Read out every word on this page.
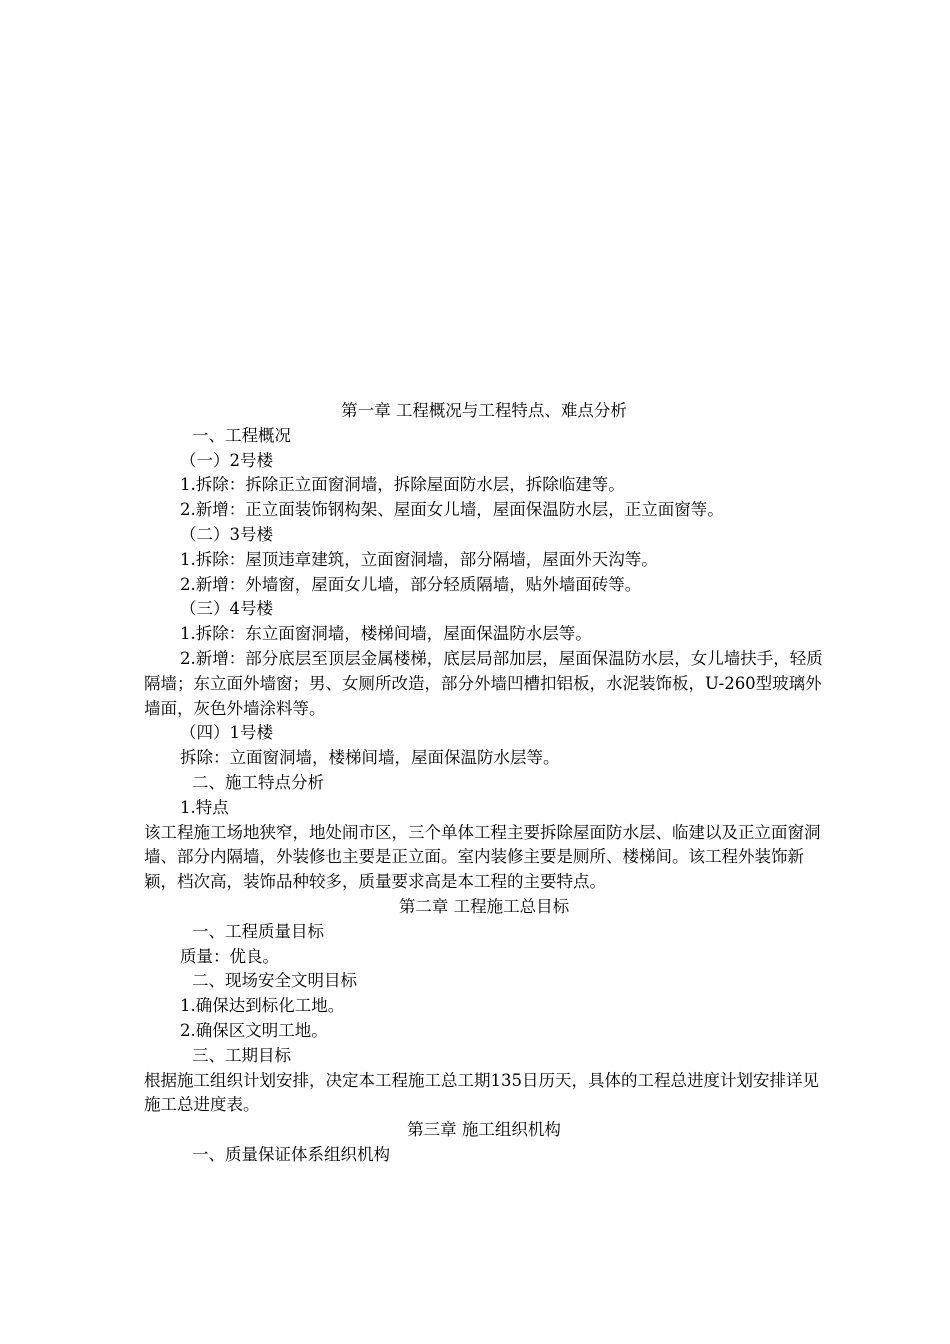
第一章 工程概况与工程特点、难点分析

一、工程概况

（一）2号楼

1.拆除：拆除正立面窗洞墙，拆除屋面防水层，拆除临建等。

2.新增：正立面装饰钢构架、屋面女儿墙，屋面保温防水层，正立面窗等。

（二）3号楼

1.拆除：屋顶违章建筑，立面窗洞墙，部分隔墙，屋面外天沟等。

2.新增：外墙窗，屋面女儿墙，部分轻质隔墙，贴外墙面砖等。

（三）4号楼

1.拆除：东立面窗洞墙，楼梯间墙，屋面保温防水层等。

2.新增：部分底层至顶层金属楼梯，底层局部加层，屋面保温防水层，女儿墙扶手，轻质隔墙；东立面外墙窗；男、女厕所改造，部分外墙凹槽扣铝板，水泥装饰板，U-260型玻璃外墙面，灰色外墙涂料等。

（四）1号楼

拆除：立面窗洞墙，楼梯间墙，屋面保温防水层等。

二、施工特点分析

1.特点

该工程施工场地狭窄，地处闹市区，三个单体工程主要拆除屋面防水层、临建以及正立面窗洞墙、部分内隔墙，外装修也主要是正立面。室内装修主要是厕所、楼梯间。该工程外装饰新颖，档次高，装饰品种较多，质量要求高是本工程的主要特点。

第二章 工程施工总目标

一、工程质量目标

质量：优良。

二、现场安全文明目标

1.确保达到标化工地。

2.确保区文明工地。

三、工期目标

根据施工组织计划安排，决定本工程施工总工期135日历天，具体的工程总进度计划安排详见施工总进度表。

第三章 施工组织机构

一、质量保证体系组织机构
